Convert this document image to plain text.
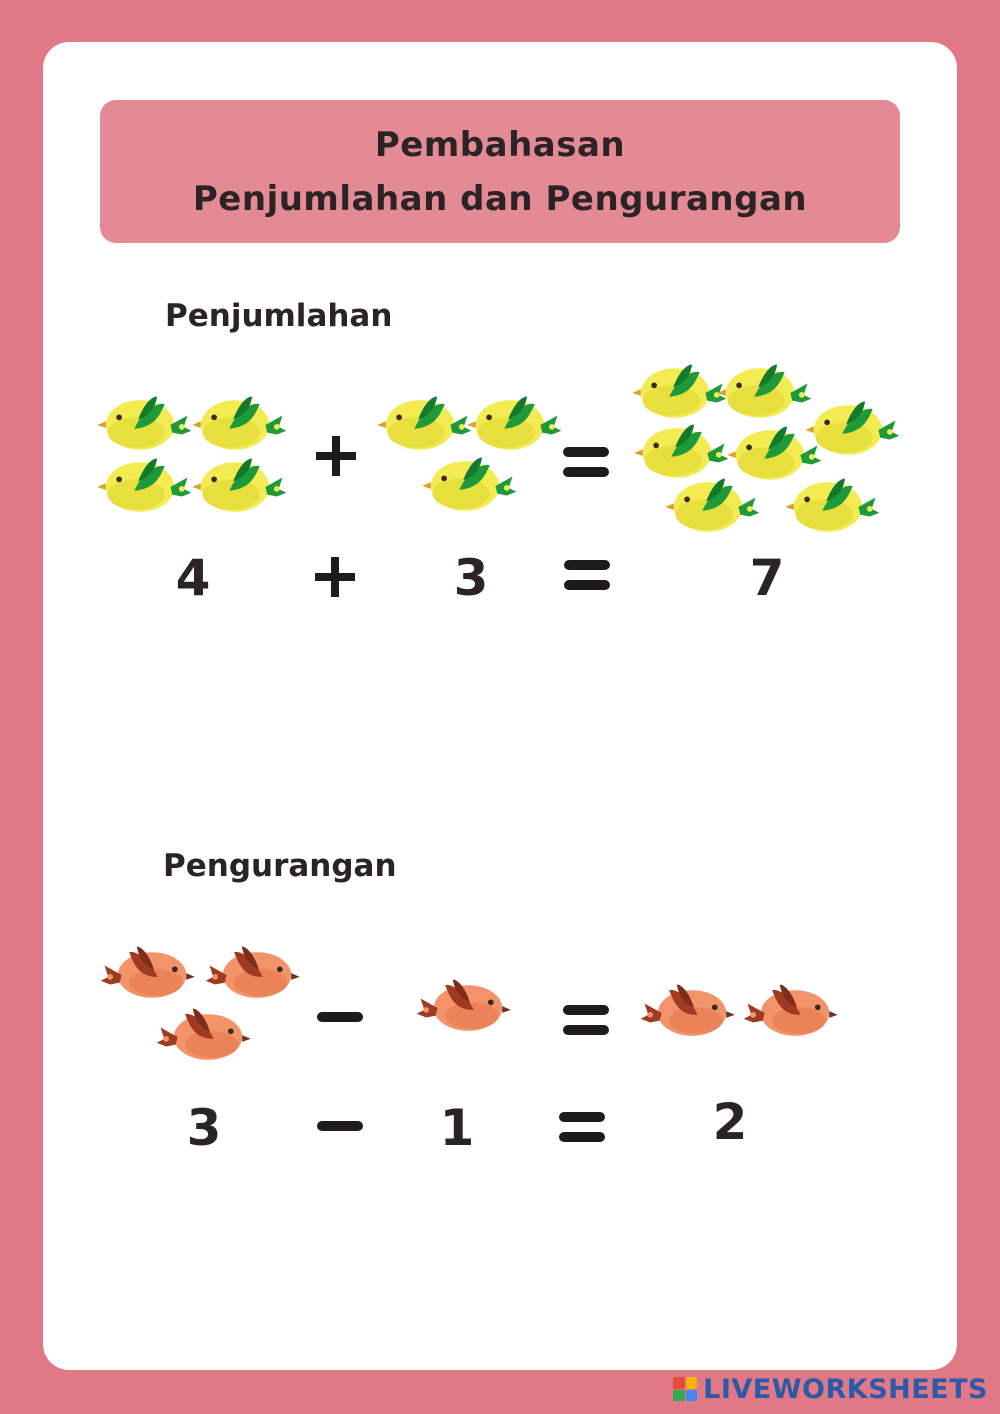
Pembahasan
Penjumlahan dan Pengurangan
Penjumlahan
4	3	7
Pengurangan
3	1	2
LIVEWORKSHEETS
